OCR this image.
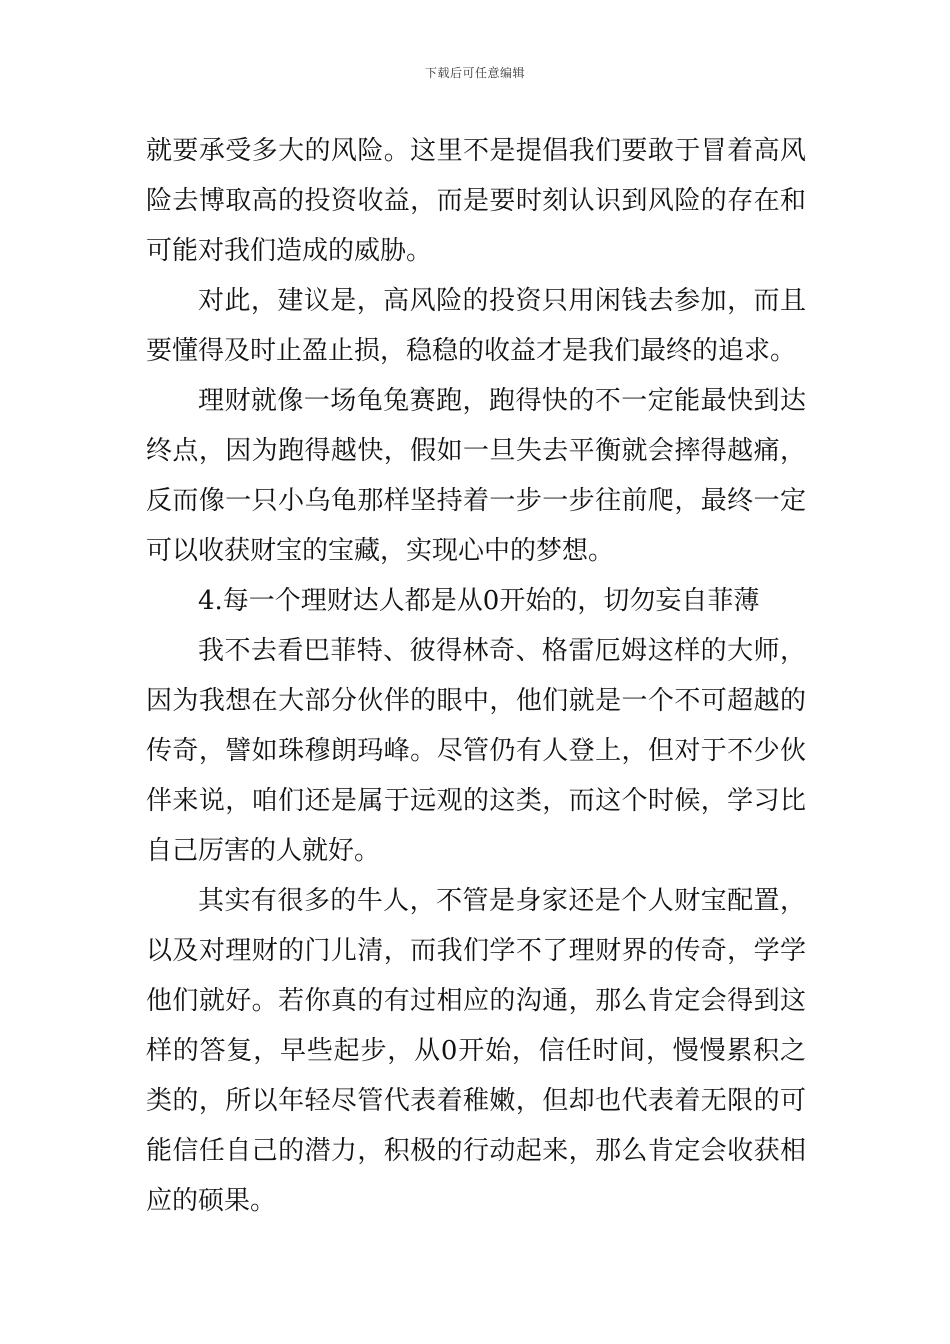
下载后可任意编辑

就要承受多大的风险。这里不是提倡我们要敢于冒着高风险去博取高的投资收益，而是要时刻认识到风险的存在和可能对我们造成的威胁。

对此，建议是，高风险的投资只用闲钱去参加，而且要懂得及时止盈止损，稳稳的收益才是我们最终的追求。

理财就像一场龟兔赛跑，跑得快的不一定能最快到达终点，因为跑得越快，假如一旦失去平衡就会摔得越痛，反而像一只小乌龟那样坚持着一步一步往前爬，最终一定可以收获财宝的宝藏，实现心中的梦想。

4.每一个理财达人都是从0开始的，切勿妄自菲薄

我不去看巴菲特、彼得林奇、格雷厄姆这样的大师，因为我想在大部分伙伴的眼中，他们就是一个不可超越的传奇，譬如珠穆朗玛峰。尽管仍有人登上，但对于不少伙伴来说，咱们还是属于远观的这类，而这个时候，学习比自己厉害的人就好。

其实有很多的牛人，不管是身家还是个人财宝配置，以及对理财的门儿清，而我们学不了理财界的传奇，学学他们就好。若你真的有过相应的沟通，那么肯定会得到这样的答复，早些起步，从0开始，信任时间，慢慢累积之类的，所以年轻尽管代表着稚嫩，但却也代表着无限的可能信任自己的潜力，积极的行动起来，那么肯定会收获相应的硕果。
